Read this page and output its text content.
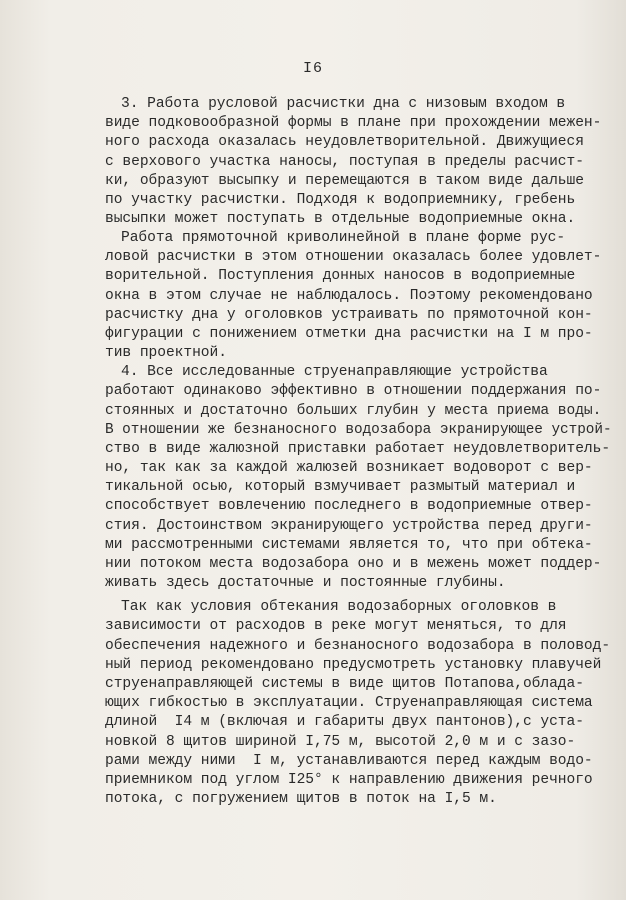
I6
3. Работа русловой расчистки дна с низовым входом в
виде подковообразной формы в плане при прохождении межен-
ного расхода оказалась неудовлетворительной. Движущиеся
с верхового участка наносы, поступая в пределы расчист-
ки, образуют высыпку и перемещаются в таком виде дальше
по участку расчистки. Подходя к водоприемнику, гребень
высыпки может поступать в отдельные водоприемные окна.
Работа прямоточной криволинейной в плане форме рус-
ловой расчистки в этом отношении оказалась более удовлет-
ворительной. Поступления донных наносов в водоприемные
окна в этом случае не наблюдалось. Поэтому рекомендовано
расчистку дна у оголовков устраивать по прямоточной кон-
фигурации с понижением отметки дна расчистки на I м про-
тив проектной.
4. Все исследованные струенаправляющие устройства
работают одинаково эффективно в отношении поддержания по-
стоянных и достаточно больших глубин у места приема воды.
В отношении же безнаносного водозабора экранирующее устрой-
ство в виде жалюзной приставки работает неудовлетворитель-
но, так как за каждой жалюзей возникает водоворот с вер-
тикальной осью, который взмучивает размытый материал и
способствует вовлечению последнего в водоприемные отвер-
стия. Достоинством экранирующего устройства перед други-
ми рассмотренными системами является то, что при обтека-
нии потоком места водозабора оно и в межень может поддер-
живать здесь достаточные и постоянные глубины.
Так как условия обтекания водозаборных оголовков в
зависимости от расходов в реке могут меняться, то для
обеспечения надежного и безнаносного водозабора в половод-
ный период рекомендовано предусмотреть установку плавучей
струенаправляющей системы в виде щитов Потапова,облада-
ющих гибкостью в эксплуатации. Струенаправляющая система
длиной  I4 м (включая и габариты двух пантонов),с уста-
новкой 8 щитов шириной I,75 м, высотой 2,0 м и с зазо-
рами между ними  I м, устанавливаются перед каждым водо-
приемником под углом I25° к направлению движения речного
потока, с погружением щитов в поток на I,5 м.
